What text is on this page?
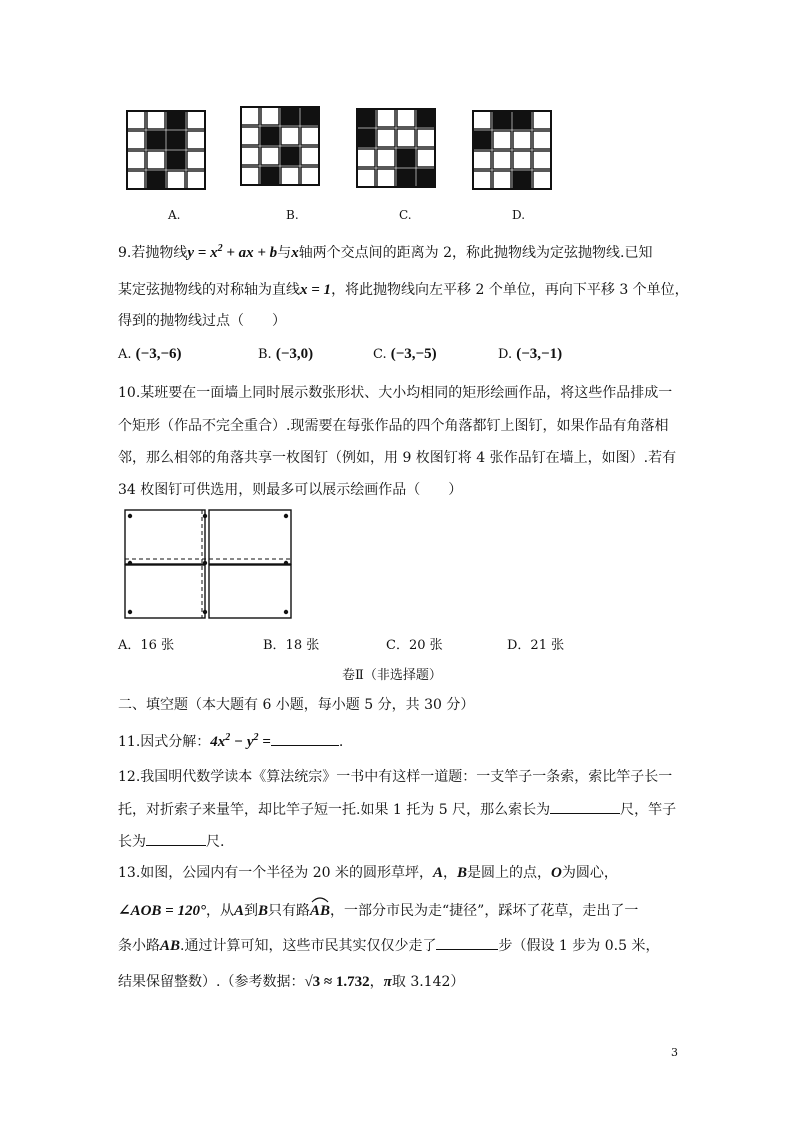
A.	B.	C.	D.
9.若抛物线$y = x^2$ + ax + b与x轴两个交点间的距离为 2，称此抛物线为定弦抛物线.已知
某定弦抛物线的对称轴为直线x = 1，将此抛物线向左平移 2 个单位，再向下平移 3 个单位，
得到的抛物线过点（　　）
A. (−3,−6)	B. (−3,0)	C. (−3,−5)	D. (−3,−1)
10.某班要在一面墙上同时展示数张形状、大小均相同的矩形绘画作品，将这些作品排成一
个矩形（作品不完全重合）.现需要在每张作品的四个角落都钉上图钉，如果作品有角落相
邻，那么相邻的角落共享一枚图钉（例如，用 9 枚图钉将 4 张作品钉在墙上，如图）.若有
34 枚图钉可供选用，则最多可以展示绘画作品（　　）
A．16 张	B．18 张	C．20 张	D．21 张
卷Ⅱ（非选择题）
二、填空题（本大题有 6 小题，每小题 5 分，共 30 分）
11.因式分解：$4x^2 - y^2$ =	.
12.我国明代数学读本《算法统宗》一书中有这样一道题：一支竿子一条索，索比竿子长一
托，对折索子来量竿，却比竿子短一托.如果 1 托为 5 尺，那么索长为	尺，竿子
长为	尺.
13.如图，公园内有一个半径为 20 米的圆形草坪，A，B是圆上的点，O为圆心，
∠AOB = 120°，从A到B只有路
AB，一部分市民为走“捷径”，踩坏了花草，走出了一
条小路AB.通过计算可知，这些市民其实仅仅少走了	步（假设 1 步为 0.5 米，
结果保留整数）.（参考数据：√3 ≈ 1.732，π取 3.142）
3
